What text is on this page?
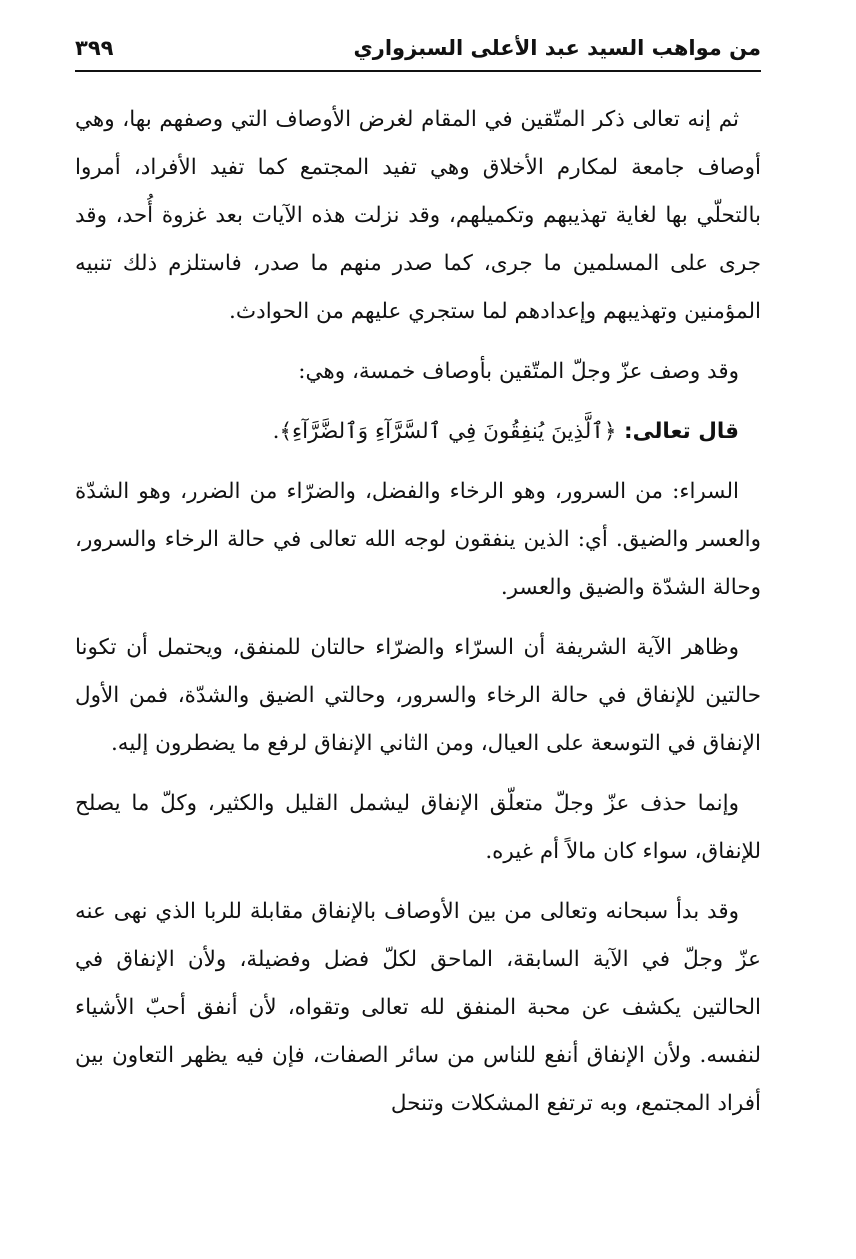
من مواهب السيد عبد الأعلى السبزواري
٣٩٩

ثم إنه تعالى ذكر المتّقين في المقام لغرض الأوصاف التي وصفهم بها، وهي أوصاف جامعة لمكارم الأخلاق وهي تفيد المجتمع كما تفيد الأفراد، أمروا بالتحلّي بها لغاية تهذيبهم وتكميلهم، وقد نزلت هذه الآيات بعد غزوة أُحد، وقد جرى على المسلمين ما جرى، كما صدر منهم ما صدر، فاستلزم ذلك تنبيه المؤمنين وتهذيبهم وإعدادهم لما ستجري عليهم من الحوادث.

وقد وصف عزّ وجلّ المتّقين بأوصاف خمسة، وهي:

قال تعالى: ﴿ٱلَّذِينَ يُنفِقُونَ فِي ٱلسَّرَّآءِ وَٱلضَّرَّآءِ﴾.

السراء: من السرور، وهو الرخاء والفضل، والضرّاء من الضرر، وهو الشدّة والعسر والضيق. أي: الذين ينفقون لوجه الله تعالى في حالة الرخاء والسرور، وحالة الشدّة والضيق والعسر.

وظاهر الآية الشريفة أن السرّاء والضرّاء حالتان للمنفق، ويحتمل أن تكونا حالتين للإنفاق في حالة الرخاء والسرور، وحالتي الضيق والشدّة، فمن الأول الإنفاق في التوسعة على العيال، ومن الثاني الإنفاق لرفع ما يضطرون إليه.

وإنما حذف عزّ وجلّ متعلّق الإنفاق ليشمل القليل والكثير، وكلّ ما يصلح للإنفاق، سواء كان مالاً أم غيره.

وقد بدأ سبحانه وتعالى من بين الأوصاف بالإنفاق مقابلة للربا الذي نهى عنه عزّ وجلّ في الآية السابقة، الماحق لكلّ فضل وفضيلة، ولأن الإنفاق في الحالتين يكشف عن محبة المنفق لله تعالى وتقواه، لأن أنفق أحبّ الأشياء لنفسه. ولأن الإنفاق أنفع للناس من سائر الصفات، فإن فيه يظهر التعاون بين أفراد المجتمع، وبه ترتفع المشكلات وتنحل
